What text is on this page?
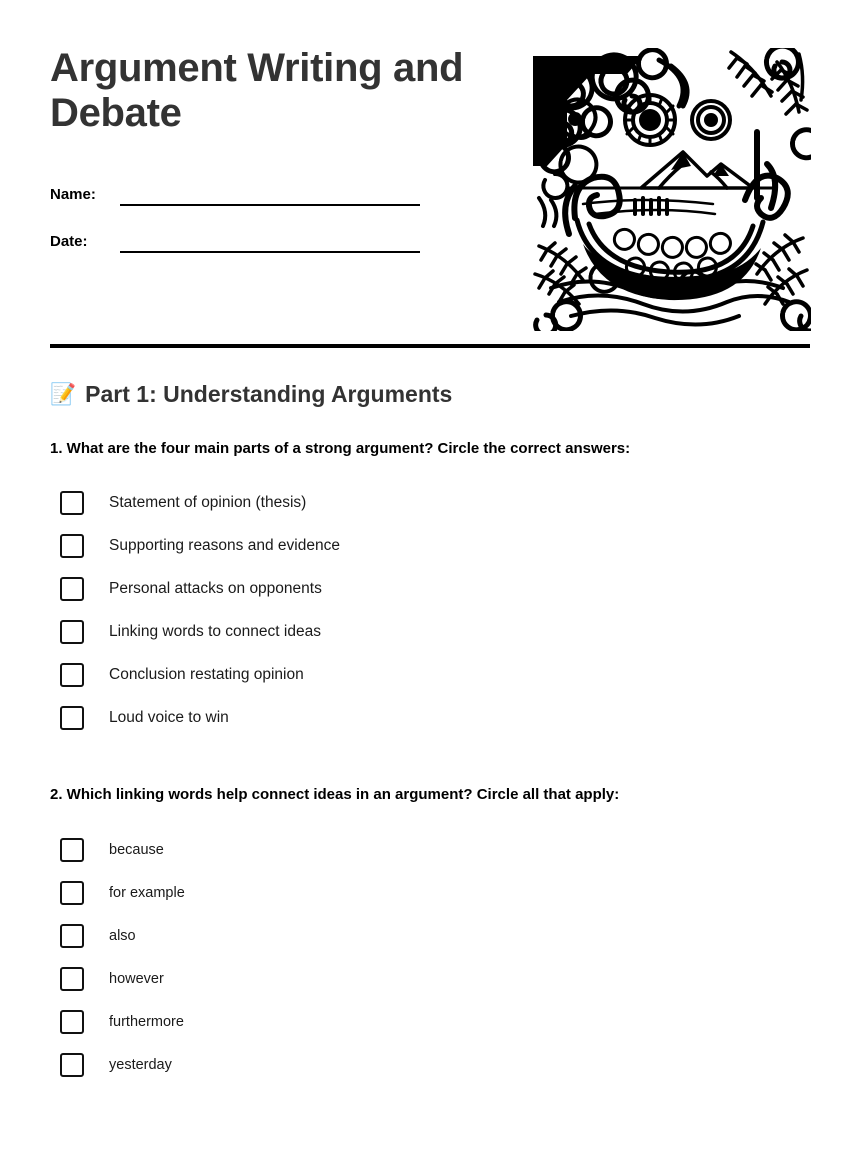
Argument Writing and Debate
Name:
Date:
📝 Part 1: Understanding Arguments

1. What are the four main parts of a strong argument? Circle the correct answers:

Statement of opinion (thesis)
Supporting reasons and evidence
Personal attacks on opponents
Linking words to connect ideas
Conclusion restating opinion
Loud voice to win

2. Which linking words help connect ideas in an argument? Circle all that apply:

because
for example
also
however
furthermore
yesterday
